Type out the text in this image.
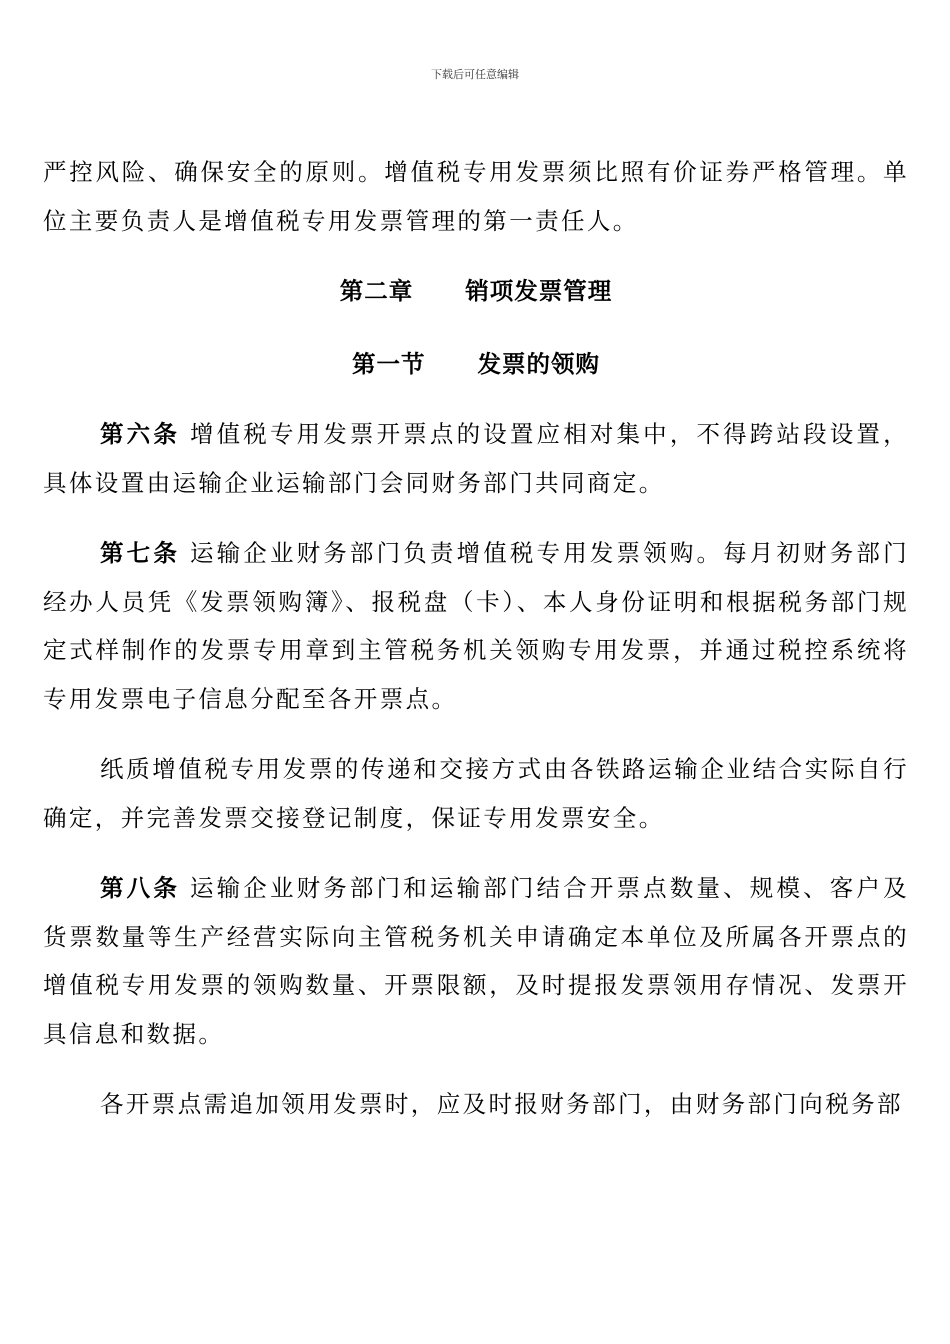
下载后可任意编辑

严控风险、确保安全的原则。增值税专用发票须比照有价证券严格管理。单位主要负责人是增值税专用发票管理的第一责任人。

第二章 销项发票管理

第一节 发票的领购

第六条 增值税专用发票开票点的设置应相对集中，不得跨站段设置，具体设置由运输企业运输部门会同财务部门共同商定。

第七条 运输企业财务部门负责增值税专用发票领购。每月初财务部门经办人员凭《发票领购簿》、报税盘（卡）、本人身份证明和根据税务部门规定式样制作的发票专用章到主管税务机关领购专用发票，并通过税控系统将专用发票电子信息分配至各开票点。

纸质增值税专用发票的传递和交接方式由各铁路运输企业结合实际自行确定，并完善发票交接登记制度，保证专用发票安全。

第八条 运输企业财务部门和运输部门结合开票点数量、规模、客户及货票数量等生产经营实际向主管税务机关申请确定本单位及所属各开票点的增值税专用发票的领购数量、开票限额，及时提报发票领用存情况、发票开具信息和数据。

各开票点需追加领用发票时，应及时报财务部门，由财务部门向税务部
